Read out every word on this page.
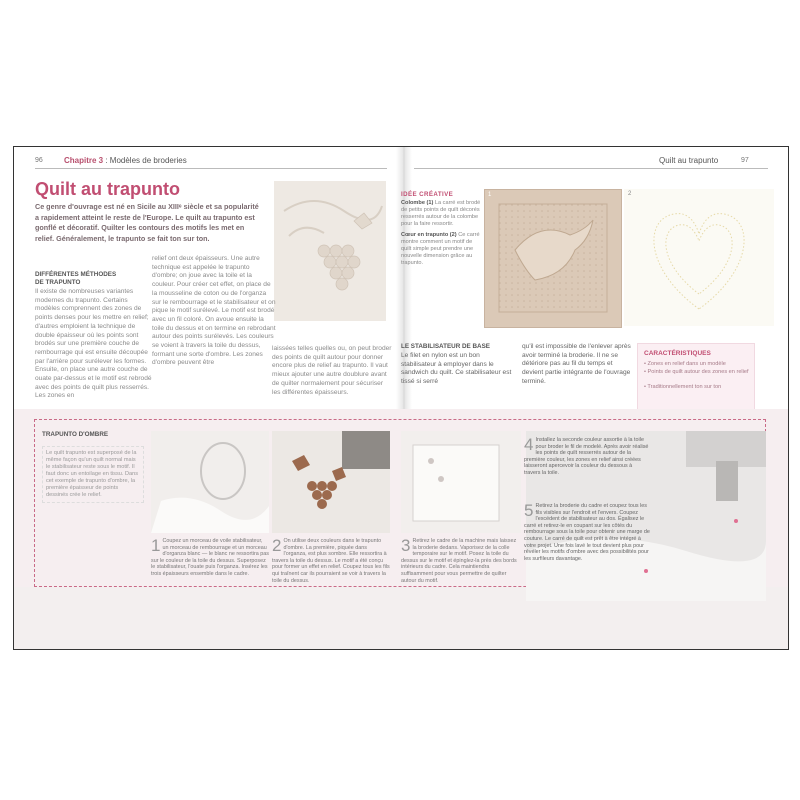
96	Chapitre 3 : Modèles de broderies	Quilt au trapunto	97
Quilt au trapunto
Ce genre d'ouvrage est né en Sicile au XIIIᵉ siècle et sa popularité a rapidement atteint le reste de l'Europe. Le quilt au trapunto est gonflé et décoratif. Quilter les contours des motifs les met en relief. Généralement, le trapunto se fait ton sur ton.
DIFFÉRENTES MÉTHODES
DE TRAPUNTO
Il existe de nombreuses variantes modernes du trapunto. Certains modèles comprennent des zones de points denses pour les mettre en relief; d'autres emploient la technique de double épaisseur où les points sont brodés sur une première couche de rembourrage qui est ensuite découpée par l'arrière pour surélever les formes. Ensuite, on place une autre couche de ouate par-dessus et le motif est rebrodé avec des points de quilt plus resserrés. Les zones en
relief ont deux épaisseurs. Une autre technique est appelée le trapunto d'ombre; on joue avec la toile et la couleur. Pour créer cet effet, on place de la mousseline de coton ou de l'organza sur le rembourrage et le stabilisateur et on pique le motif surélevé. Le motif est brodé avec un fil coloré. On avoue ensuite la toile du dessus et on termine en rebrodant autour des points surélevés. Les couleurs se voient à travers la toile du dessus, formant une sorte d'ombre. Les zones d'ombre peuvent être
laissées telles quelles ou, on peut broder des points de quilt autour pour donner encore plus de relief au trapunto. Il vaut mieux ajouter une autre doublure avant de quilter normalement pour sécuriser les différentes épaisseurs.
IDÉE CRÉATIVE
Colombe (1) La carré est brodé de petits points de quilt décorés resserrés autour de la colombe pour la faire ressortir.
Cœur en trapunto (2) Ce carré montre comment un motif de quilt simple peut prendre une nouvelle dimension grâce au trapunto.
1	2
LE STABILISATEUR DE BASE
Le filet en nylon est un bon stabilisateur à employer dans le sandwich du quilt. Ce stabilisateur est tissé si serré
qu'il est impossible de l'enlever après avoir terminé la broderie. Il ne se détériore pas au fil du temps et devient partie intégrante de l'ouvrage terminé.
CARACTÉRISTIQUES
• Zones en relief dans un modèle
• Points de quilt autour des zones en relief
• Traditionnellement ton sur ton
TRAPUNTO D'OMBRE
Le quilt trapunto est superposé de la même façon qu'un quilt normal mais le stabilisateur reste sous le motif. Il faut donc un entoilage en tissu. Dans cet exemple de trapunto d'ombre, la première épaisseur de points dessinés crée le relief.
1 Coupez un morceau de voile stabilisateur, un morceau de rembourrage et un morceau d'organza blanc — le blanc ne ressortira pas sur le couleur de la toile du dessus. Superposez le stabilisateur, l'ouate puis l'organza. Insérez les trois épaisseurs ensemble dans le cadre.
2 On utilise deux couleurs dans le trapunto d'ombre. La première, piquée dans l'organza, est plus sombre. Elle ressortira à travers la toile du dessus. Le motif a été conçu pour former un effet en relief. Coupez tous les fils qui traînent car ils pourraient se voir à travers la toile du dessus.
3 Retirez le cadre de la machine mais laissez la broderie dedans. Vaporisez de la colle temporaire sur le motif. Posez la toile du dessus sur le motif et épinglez-la près des bords intérieurs du cadre. Cela maintiendra suffisamment pour vous permettre de quilter autour du motif.
4 Installez la seconde couleur assortie à la toile pour broder le fil de modelé. Après avoir réalisé les points de quilt resserrés autour de la première couleur, les zones en relief ainsi créées laisseront apercevoir la couleur du dessous à travers la toile.
5 Retirez la broderie du cadre et coupez tous les fils visibles sur l'endroit et l'envers. Coupez l'excédent de stabilisateur au dos. Égalisez le carré et retirez-le en coupant sur les côtés du rembourrage sous la toile pour obtenir une marge de couture. Le carré de quilt est prêt à être intégré à votre projet. Une fois lavé le tout devient plus pour révéler les motifs d'ombre avec des possibilités pour les surfileurs davantage.
